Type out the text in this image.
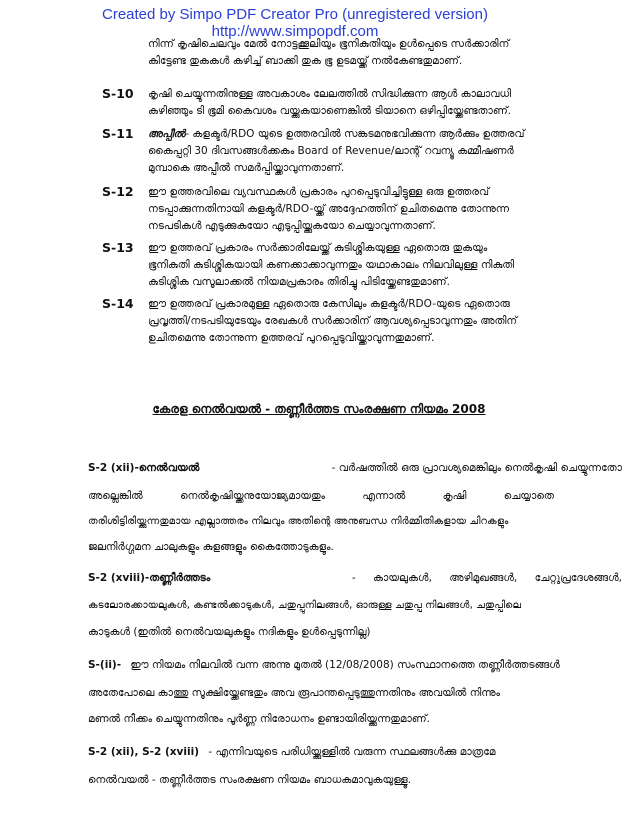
Created by Simpo PDF Creator Pro (unregistered version)
http://www.simpopdf.com
നിന്ന് കൃഷിചെലവും മേൽ നോട്ടക്കൂലിയും ഭൂനികുതിയും ഉൾപ്പെടെ സർക്കാരിന്
കിട്ടേണ്ട തുകകൾ കഴിച്ച് ബാക്കി തുക ഭൂ ഉടമയ്ക്ക് നൽകേണ്ടതുമാണ്.
S-10 കൃഷി ചെയ്യുന്നതിനുള്ള അവകാശം ലേലത്തിൽ സിദ്ധിക്കുന്ന ആൾ കാലാവധി
കഴിഞ്ഞും ടി ഭൂമി കൈവശം വയ്ക്കുകയാണെങ്കിൽ ടിയാനെ ഒഴിപ്പിയ്ക്കേണ്ടതാണ്.
S-11 അപ്പീൽ- കളക്ടർ/RDO യുടെ ഉത്തരവിൽ സങ്കടമനുഭവിക്കുന്ന ആർക്കും ഉത്തരവ്
കൈപ്പറ്റി 30 ദിവസങ്ങൾക്കകം Board of Revenue/ലാന്റ് റവന്യൂ കമ്മീഷണർ
മുമ്പാകെ അപ്പീൽ സമർപ്പിയ്ക്കാവുന്നതാണ്.
S-12 ഈ ഉത്തരവിലെ വ്യവസ്ഥകൾ പ്രകാരം പുറപ്പെടുവിച്ചിട്ടുള്ള ഒരു ഉത്തരവ്
നടപ്പാക്കുന്നതിനായി കളക്ടർ/RDO-യ്ക്ക് അദ്ദേഹത്തിന് ഉചിതമെന്നു തോന്നുന്ന
നടപടികൾ എടുക്കുകയോ എടുപ്പിയ്ക്കുകയോ ചെയ്യാവുന്നതാണ്.
S-13 ഈ ഉത്തരവ് പ്രകാരം സർക്കാരിലേയ്ക്ക് കുടിശ്ശികയുള്ള ഏതൊരു തുകയും
ഭൂനികുതി കുടിശ്ശികയായി കണക്കാക്കാവുന്നതും യഥാകാലം നിലവിലുള്ള നികുതി
കുടിശ്ശിക വസൂലാക്കൽ നിയമപ്രകാരം തിരിച്ചു പിടിയ്ക്കേണ്ടതുമാണ്.
S-14 ഈ ഉത്തരവ് പ്രകാരമുള്ള ഏതൊരു കേസിലും കളക്ടർ/RDO-യുടെ ഏതൊരു
പ്രവൃത്തി/നടപടിയുടേയും രേഖകൾ സർക്കാരിന് ആവശ്യപ്പെടാവുന്നതും അതിന്
ഉചിതമെന്നു തോന്നുന്ന ഉത്തരവ് പുറപ്പെടുവിയ്ക്കാവുന്നതുമാണ്.
കേരള നെൽവയൽ - തണ്ണീർത്തട സംരക്ഷണ നിയമം 2008
S-2 (xii)-നെൽവയൽ	- വർഷത്തിൽ ഒരു പ്രാവശ്യമെങ്കിലും നെൽകൃഷി ചെയ്യുന്നതോ
അല്ലെങ്കിൽ നെൽകൃഷിയ്ക്കനുയോജ്യമായതും എന്നാൽ കൃഷി ചെയ്യാതെ
തരിശിട്ടിരിയ്ക്കുന്നതുമായ എല്ലാത്തരം നിലവും അതിന്റെ അനുബന്ധ നിർമ്മിതികളായ ചിറകളും
ജലനിർഗ്ഗമന ചാലുകളും കുളങ്ങളും കൈത്തോടുകളും.
S-2 (xviii)-തണ്ണീർത്തടം	- കായലുകൾ, അഴിമുഖങ്ങൾ, ചേറ്റുപ്രദേശങ്ങൾ,
കടലോരക്കായലുകൾ, കണ്ടൽക്കാടുകൾ, ചതുപ്പുനിലങ്ങൾ, ഓരുള്ള ചതുപ്പ നിലങ്ങൾ, ചതുപ്പിലെ
കാടുകൾ (ഇതിൽ നെൽവയലുകളും നദികളും ഉൾപ്പെടുന്നില്ല)
S-(ii)- ഈ നിയമം നിലവിൽ വന്ന അന്നു മുതൽ (12/08/2008) സംസ്ഥാനത്തെ തണ്ണീർത്തടങ്ങൾ
അതേപോലെ കാത്തു സൂക്ഷിയ്ക്കേണ്ടതും അവ രൂപാന്തപ്പെടുത്തുന്നതിനും അവയിൽ നിന്നും
മണൽ നീക്കം ചെയ്യുന്നതിനും പൂർണ്ണ നിരോധനം ഉണ്ടായിരിയ്ക്കുന്നതുമാണ്.
S-2 (xii), S-2 (xviii) - എന്നിവയുടെ പരിധിയ്ക്കുള്ളിൽ വരുന്ന സ്ഥലങ്ങൾക്കു മാത്രമേ
നെൽവയൽ - തണ്ണീർത്തട സംരക്ഷണ നിയമം ബാധകമാവുകയുള്ളൂ.
